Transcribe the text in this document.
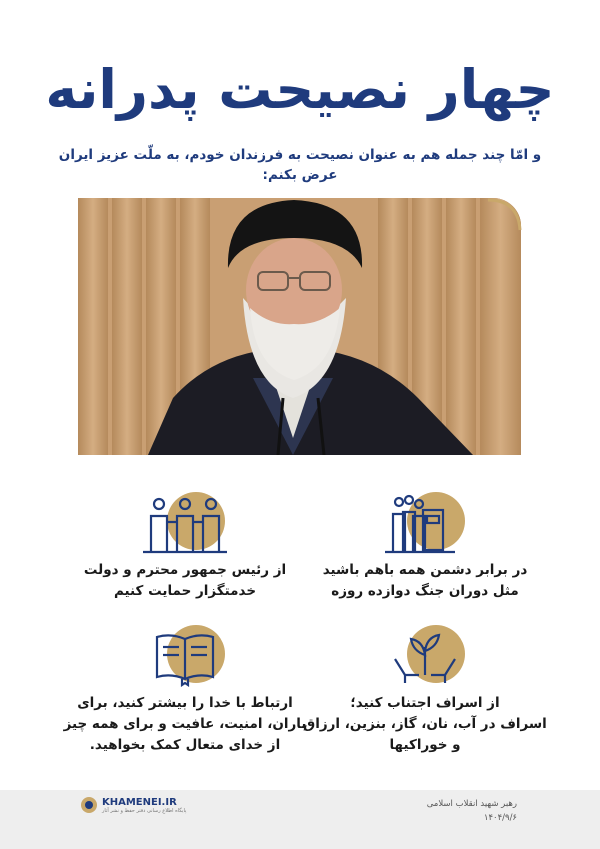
چهار نصیحت پدرانه
و امّا چند جمله هم به عنوان نصیحت به فرزندان خودم، به ملّت عزیز ایران عرض بکنم:
در برابر دشمن همه باهم باشید
مثل دوران جنگ دوازده روزه
از رئیس جمهور محترم و دولت
خدمتگزار حمایت کنیم
از اسراف اجتناب کنید؛
اسراف در آب، نان، گاز، بنزین، ارزاق
و خوراکیها
ارتباط با خدا را بیشتر کنید، برای
باران، امنیت، عافیت و برای همه چیز
از خدای متعال کمک بخواهید.
KHAMENEI.IR
پایگاه اطلاع رسانی دفتر حفظ و نشر آثار
رهبر شهید انقلاب اسلامی
۱۴۰۴/۹/۶
